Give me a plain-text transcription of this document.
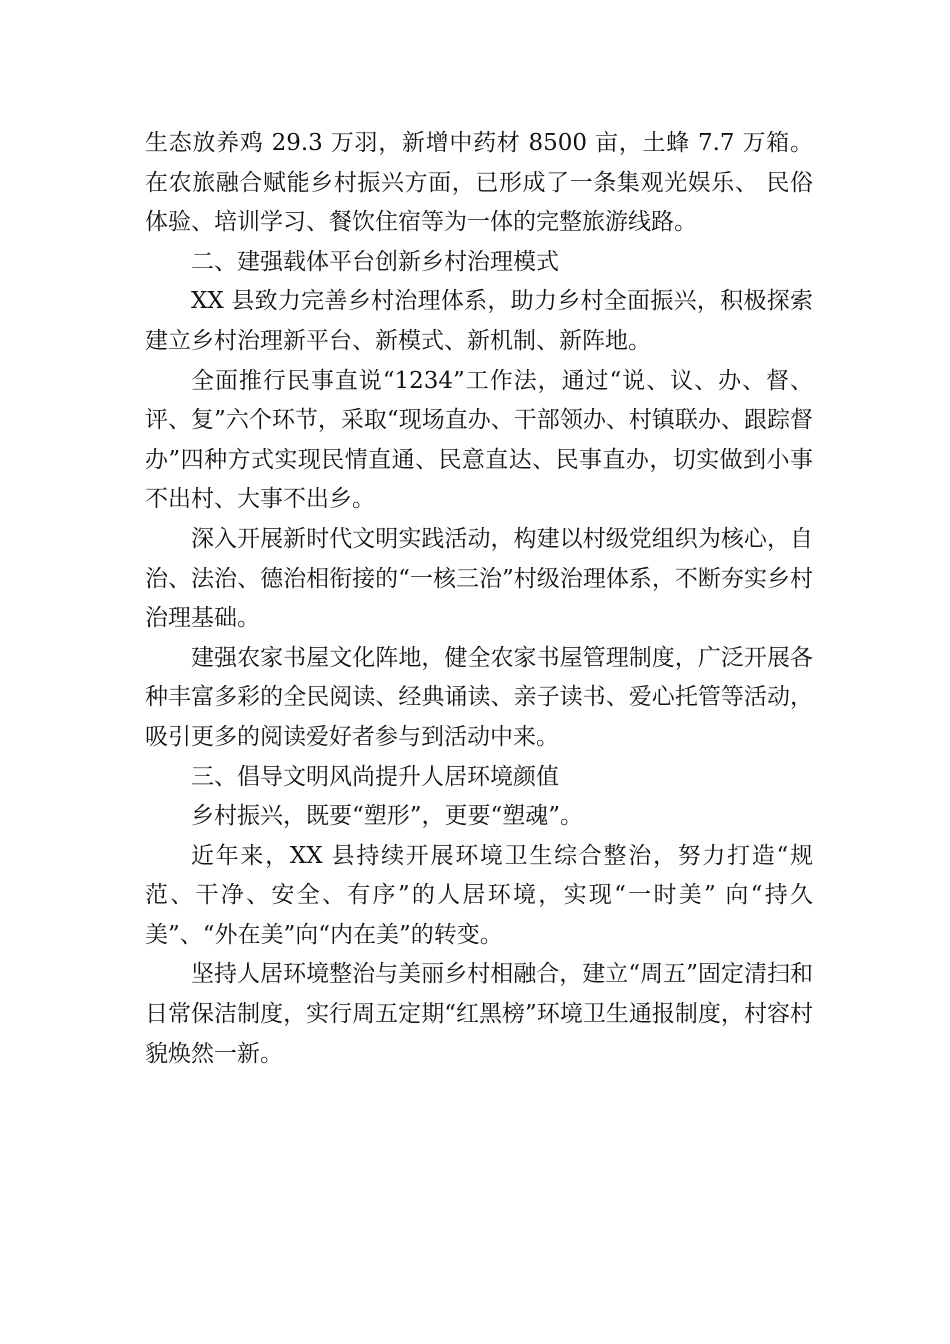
生态放养鸡 29.3 万羽，新增中药材 8500 亩，土蜂 7.7 万箱。在农旅融合赋能乡村振兴方面，已形成了一条集观光娱乐、 民俗体验、培训学习、餐饮住宿等为一体的完整旅游线路。

二、建强载体平台创新乡村治理模式

XX 县致力完善乡村治理体系，助力乡村全面振兴，积极探索建立乡村治理新平台、新模式、新机制、新阵地。

全面推行民事直说“1234”工作法，通过“说、议、办、督、评、复”六个环节，采取“现场直办、干部领办、村镇联办、跟踪督办”四种方式实现民情直通、民意直达、民事直办，切实做到小事不出村、大事不出乡。

深入开展新时代文明实践活动，构建以村级党组织为核心，自治、法治、德治相衔接的“一核三治”村级治理体系，不断夯实乡村治理基础。

建强农家书屋文化阵地，健全农家书屋管理制度，广泛开展各种丰富多彩的全民阅读、经典诵读、亲子读书、爱心托管等活动，吸引更多的阅读爱好者参与到活动中来。

三、倡导文明风尚提升人居环境颜值

乡村振兴，既要“塑形”，更要“塑魂”。

近年来，XX 县持续开展环境卫生综合整治，努力打造“规范、干净、安全、有序”的人居环境，实现“一时美” 向“持久美”、“外在美”向“内在美”的转变。

坚持人居环境整治与美丽乡村相融合，建立“周五”固定清扫和日常保洁制度，实行周五定期“红黑榜”环境卫生通报制度，村容村貌焕然一新。
